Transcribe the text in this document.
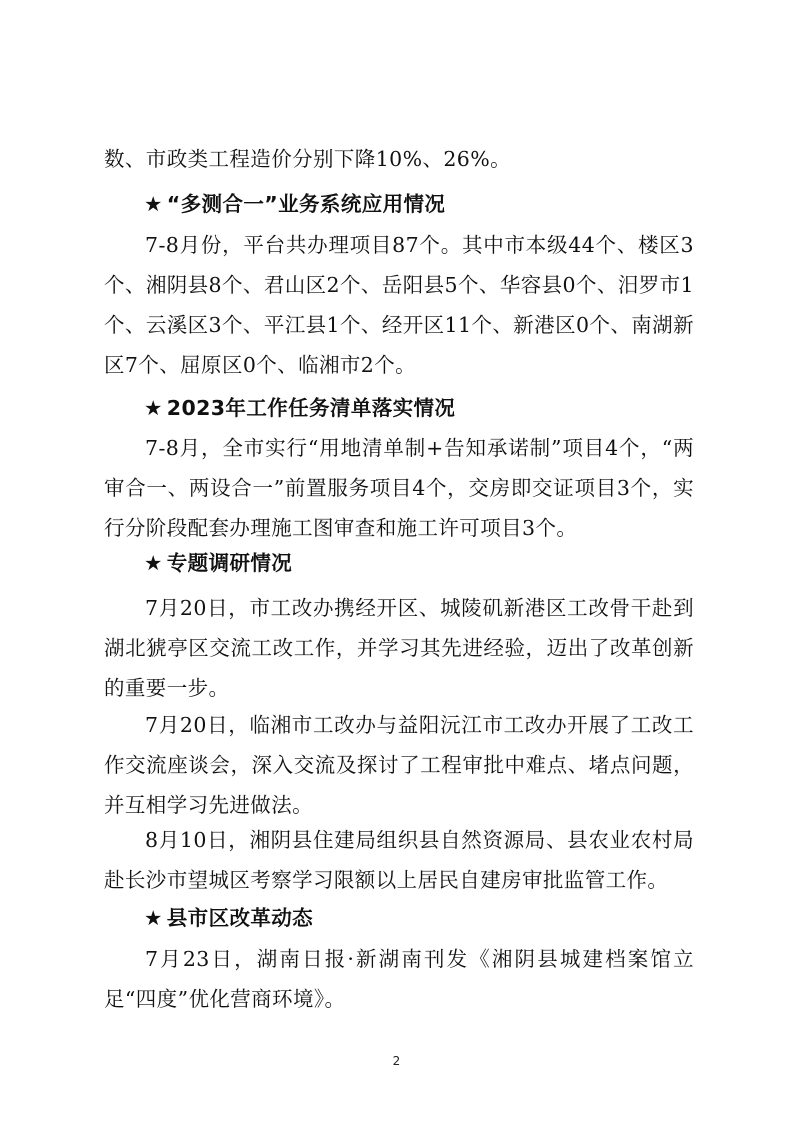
数、市政类工程造价分别下降10%、26%。

★ “多测合一”业务系统应用情况

7-8月份，平台共办理项目87个。其中市本级44个、楼区3个、湘阴县8个、君山区2个、岳阳县5个、华容县0个、汨罗市1个、云溪区3个、平江县1个、经开区11个、新港区0个、南湖新区7个、屈原区0个、临湘市2个。

★ 2023年工作任务清单落实情况

7-8月，全市实行“用地清单制+告知承诺制”项目4个，“两审合一、两设合一”前置服务项目4个，交房即交证项目3个，实行分阶段配套办理施工图审查和施工许可项目3个。

★ 专题调研情况

7月20日，市工改办携经开区、城陵矶新港区工改骨干赴到湖北猇亭区交流工改工作，并学习其先进经验，迈出了改革创新的重要一步。

7月20日，临湘市工改办与益阳沅江市工改办开展了工改工作交流座谈会，深入交流及探讨了工程审批中难点、堵点问题，并互相学习先进做法。

8月10日，湘阴县住建局组织县自然资源局、县农业农村局赴长沙市望城区考察学习限额以上居民自建房审批监管工作。

★ 县市区改革动态

7月23日，湖南日报·新湖南刊发《湘阴县城建档案馆立足“四度”优化营商环境》。

2
